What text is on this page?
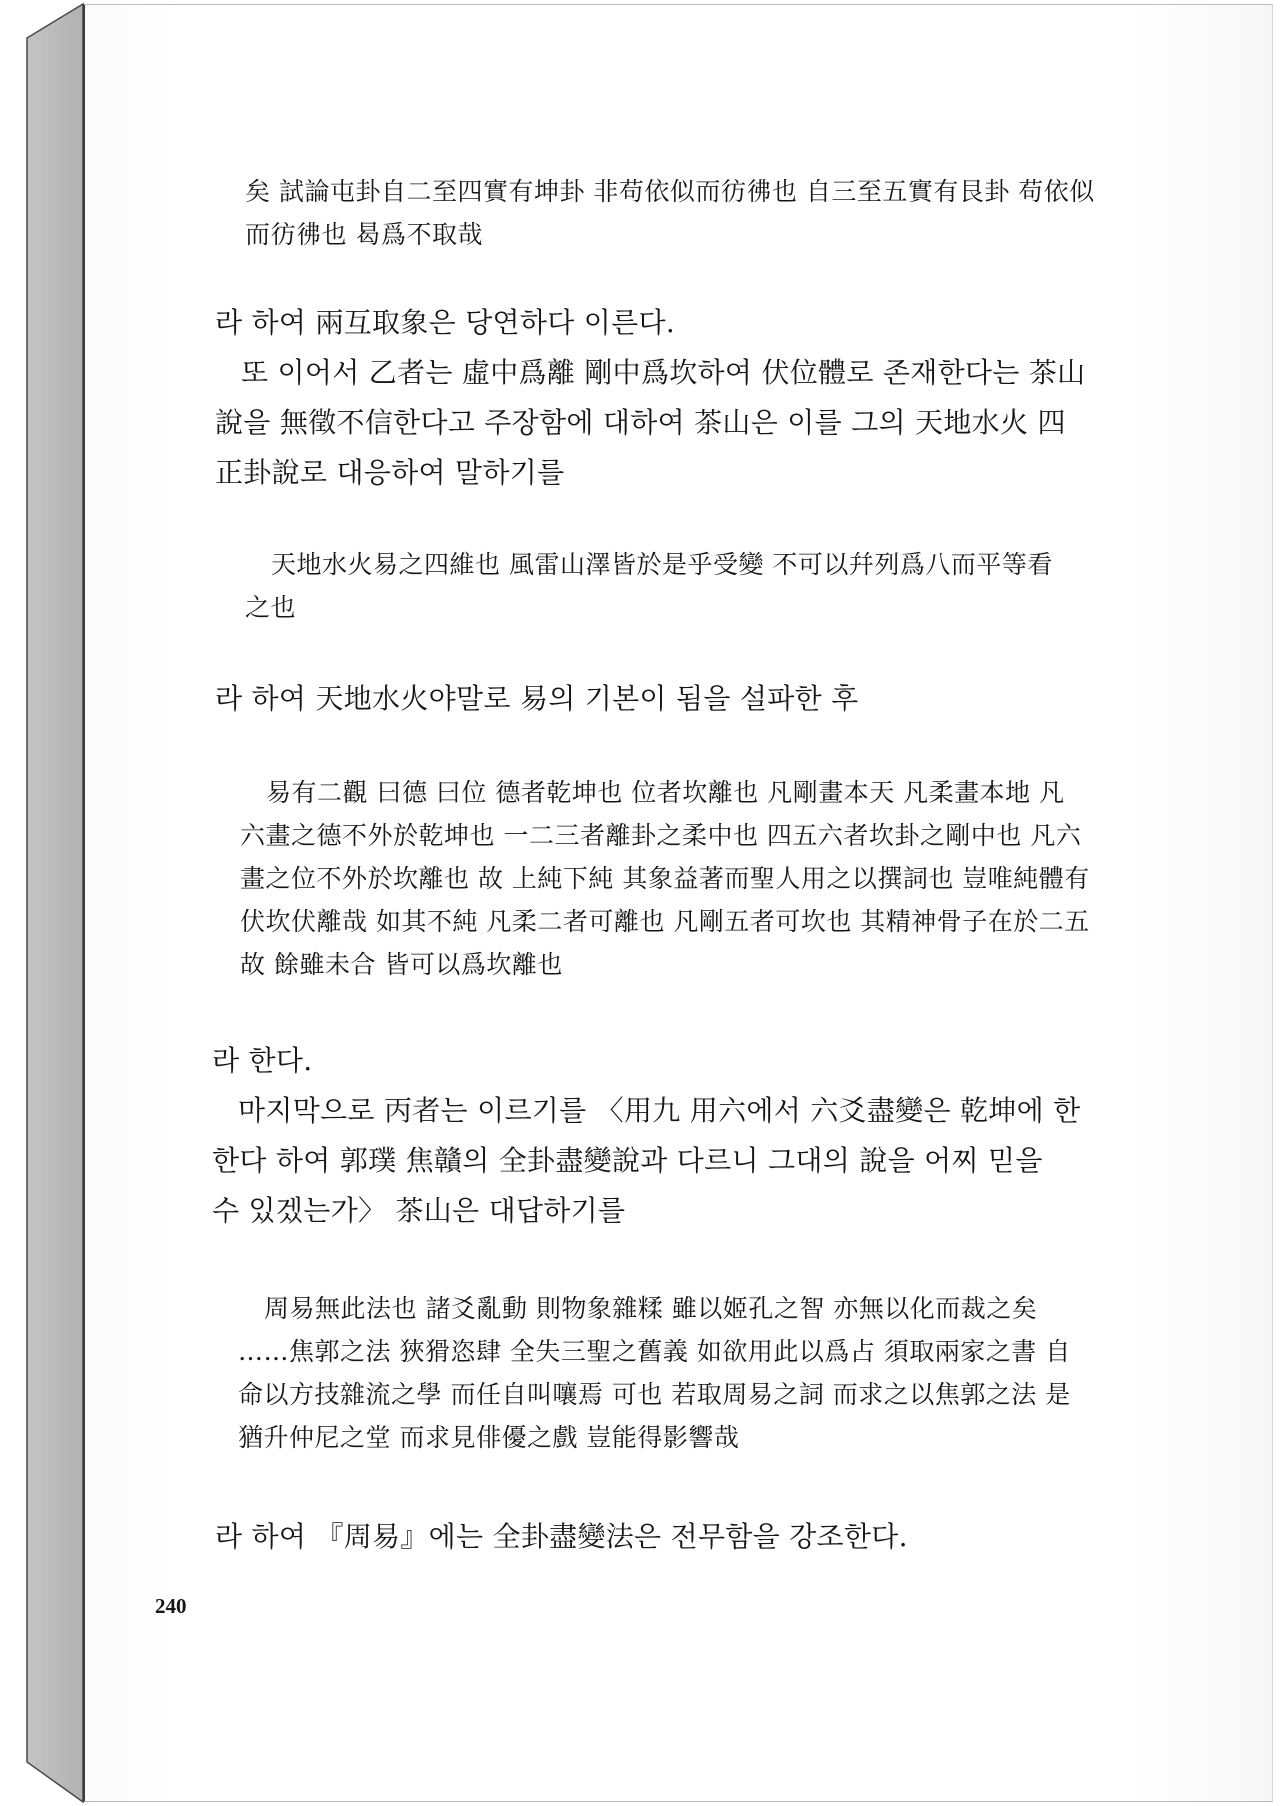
矣 試論屯卦自二至四實有坤卦 非苟依似而彷彿也 自三至五實有艮卦 苟依似
而彷彿也 曷爲不取哉
라 하여 兩互取象은 당연하다 이른다.
또 이어서 乙者는 虛中爲離 剛中爲坎하여 伏位體로 존재한다는 茶山
說을 無徵不信한다고 주장함에 대하여 茶山은 이를 그의 天地水火 四
正卦說로 대응하여 말하기를
天地水火易之四維也 風雷山澤皆於是乎受變 不可以幷列爲八而平等看
之也
라 하여 天地水火야말로 易의 기본이 됨을 설파한 후
易有二觀 曰德 曰位 德者乾坤也 位者坎離也 凡剛畫本天 凡柔畫本地 凡
六畫之德不外於乾坤也 一二三者離卦之柔中也 四五六者坎卦之剛中也 凡六
畫之位不外於坎離也 故 上純下純 其象益著而聖人用之以撰詞也 豈唯純體有
伏坎伏離哉 如其不純 凡柔二者可離也 凡剛五者可坎也 其精神骨子在於二五
故 餘雖未合 皆可以爲坎離也
라 한다.
마지막으로 丙者는 이르기를 〈用九 用六에서 六爻盡變은 乾坤에 한
한다 하여 郭璞 焦贛의 全卦盡變說과 다르니 그대의 說을 어찌 믿을
수 있겠는가〉 茶山은 대답하기를
周易無此法也 諸爻亂動 則物象雜糅 雖以姬孔之智 亦無以化而裁之矣
……焦郭之法 狹猾恣肆 全失三聖之舊義 如欲用此以爲占 須取兩家之書 自
命以方技雜流之學 而任自叫嚷焉 可也 若取周易之詞 而求之以焦郭之法 是
猶升仲尼之堂 而求見俳優之戲 豈能得影響哉
라 하여 『周易』에는 全卦盡變法은 전무함을 강조한다.
240
